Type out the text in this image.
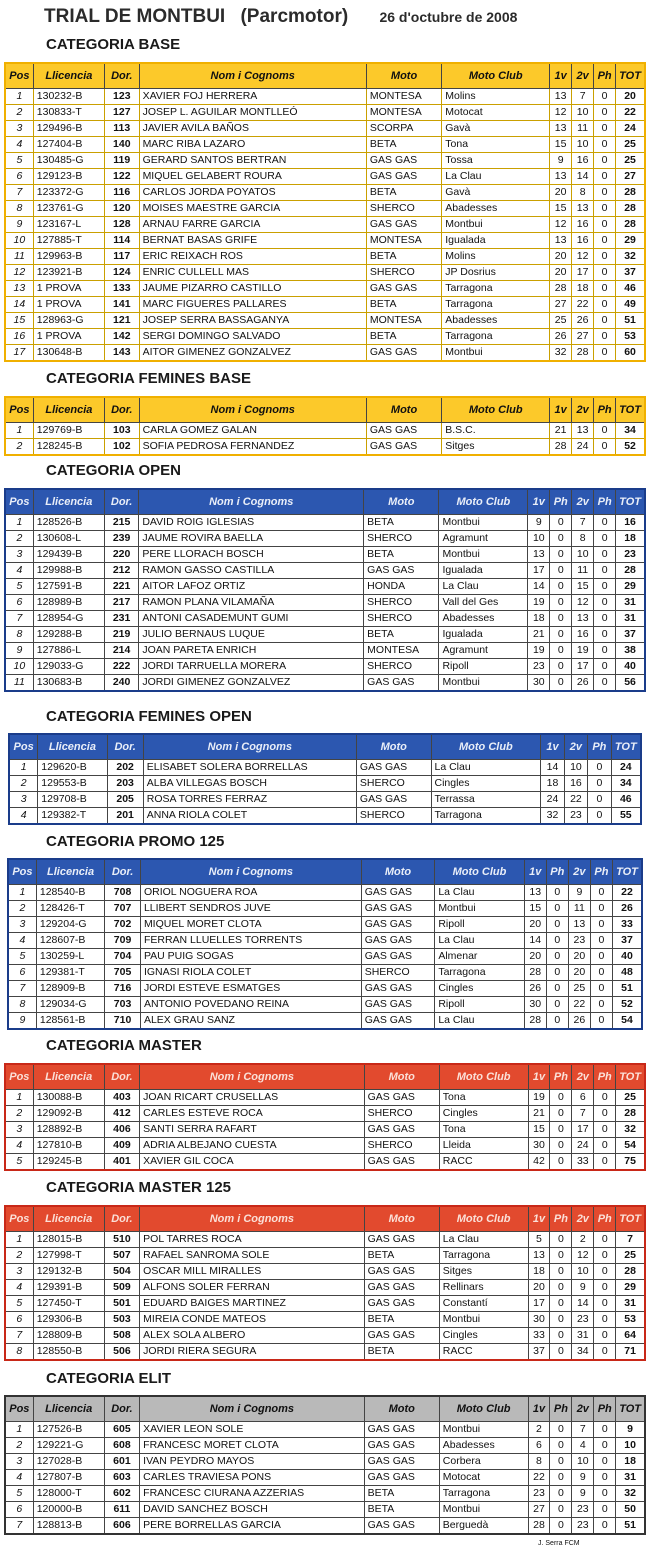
TRIAL DE MONTBUI (Parcmotor) 26 d'octubre de 2008
CATEGORIA BASE
Pos	Llicencia	Dor.	Nom i Cognoms	Moto	Moto Club	1v	2v	Ph	TOT
1	130232-B	123	XAVIER FOJ HERRERA	MONTESA	Molins	13	7	0	20
2	130833-T	127	JOSEP L. AGUILAR MONTLLEÓ	MONTESA	Motocat	12	10	0	22
3	129496-B	113	JAVIER AVILA BAÑOS	SCORPA	Gavà	13	11	0	24
4	127404-B	140	MARC RIBA LAZARO	BETA	Tona	15	10	0	25
5	130485-G	119	GERARD SANTOS BERTRAN	GAS GAS	Tossa	9	16	0	25
6	129123-B	122	MIQUEL GELABERT ROURA	GAS GAS	La Clau	13	14	0	27
7	123372-G	116	CARLOS JORDA POYATOS	BETA	Gavà	20	8	0	28
8	123761-G	120	MOISES MAESTRE GARCIA	SHERCO	Abadesses	15	13	0	28
9	123167-L	128	ARNAU FARRE GARCIA	GAS GAS	Montbui	12	16	0	28
10	127885-T	114	BERNAT BASAS GRIFE	MONTESA	Igualada	13	16	0	29
11	129963-B	117	ERIC REIXACH ROS	BETA	Molins	20	12	0	32
12	123921-B	124	ENRIC CULLELL MAS	SHERCO	JP Dosrius	20	17	0	37
13	1 PROVA	133	JAUME PIZARRO CASTILLO	GAS GAS	Tarragona	28	18	0	46
14	1 PROVA	141	MARC FIGUERES PALLARES	BETA	Tarragona	27	22	0	49
15	128963-G	121	JOSEP SERRA BASSAGANYA	MONTESA	Abadesses	25	26	0	51
16	1 PROVA	142	SERGI DOMINGO SALVADO	BETA	Tarragona	26	27	0	53
17	130648-B	143	AITOR GIMENEZ GONZALVEZ	GAS GAS	Montbui	32	28	0	60
CATEGORIA FEMINES BASE
Pos	Llicencia	Dor.	Nom i Cognoms	Moto	Moto Club	1v	2v	Ph	TOT
1	129769-B	103	CARLA GOMEZ GALAN	GAS GAS	B.S.C.	21	13	0	34
2	128245-B	102	SOFIA PEDROSA FERNANDEZ	GAS GAS	Sitges	28	24	0	52
CATEGORIA OPEN
Pos	Llicencia	Dor.	Nom i Cognoms	Moto	Moto Club	1v	Ph	2v	Ph	TOT
1	128526-B	215	DAVID ROIG IGLESIAS	BETA	Montbui	9	0	7	0	16
2	130608-L	239	JAUME ROVIRA BAELLA	SHERCO	Agramunt	10	0	8	0	18
3	129439-B	220	PERE LLORACH BOSCH	BETA	Montbui	13	0	10	0	23
4	129988-B	212	RAMON GASSO CASTILLA	GAS GAS	Igualada	17	0	11	0	28
5	127591-B	221	AITOR LAFOZ ORTIZ	HONDA	La Clau	14	0	15	0	29
6	128989-B	217	RAMON PLANA VILAMAÑA	SHERCO	Vall del Ges	19	0	12	0	31
7	128954-G	231	ANTONI CASADEMUNT GUMI	SHERCO	Abadesses	18	0	13	0	31
8	129288-B	219	JULIO BERNAUS LUQUE	BETA	Igualada	21	0	16	0	37
9	127886-L	214	JOAN PARETA ENRICH	MONTESA	Agramunt	19	0	19	0	38
10	129033-G	222	JORDI TARRUELLA MORERA	SHERCO	Ripoll	23	0	17	0	40
11	130683-B	240	JORDI GIMENEZ GONZALVEZ	GAS GAS	Montbui	30	0	26	0	56
CATEGORIA FEMINES OPEN
Pos	Llicencia	Dor.	Nom i Cognoms	Moto	Moto Club	1v	2v	Ph	TOT
1	129620-B	202	ELISABET SOLERA BORRELLAS	GAS GAS	La Clau	14	10	0	24
2	129553-B	203	ALBA VILLEGAS BOSCH	SHERCO	Cingles	18	16	0	34
3	129708-B	205	ROSA TORRES FERRAZ	GAS GAS	Terrassa	24	22	0	46
4	129382-T	201	ANNA RIOLA COLET	SHERCO	Tarragona	32	23	0	55
CATEGORIA PROMO 125
Pos	Llicencia	Dor.	Nom i Cognoms	Moto	Moto Club	1v	Ph	2v	Ph	TOT
1	128540-B	708	ORIOL NOGUERA ROA	GAS GAS	La Clau	13	0	9	0	22
2	128426-T	707	LLIBERT SENDROS JUVE	GAS GAS	Montbui	15	0	11	0	26
3	129204-G	702	MIQUEL MORET CLOTA	GAS GAS	Ripoll	20	0	13	0	33
4	128607-B	709	FERRAN LLUELLES TORRENTS	GAS GAS	La Clau	14	0	23	0	37
5	130259-L	704	PAU PUIG SOGAS	GAS GAS	Almenar	20	0	20	0	40
6	129381-T	705	IGNASI RIOLA COLET	SHERCO	Tarragona	28	0	20	0	48
7	128909-B	716	JORDI ESTEVE ESMATGES	GAS GAS	Cingles	26	0	25	0	51
8	129034-G	703	ANTONIO POVEDANO REINA	GAS GAS	Ripoll	30	0	22	0	52
9	128561-B	710	ALEX GRAU SANZ	GAS GAS	La Clau	28	0	26	0	54
CATEGORIA MASTER
Pos	Llicencia	Dor.	Nom i Cognoms	Moto	Moto Club	1v	Ph	2v	Ph	TOT
1	130088-B	403	JOAN RICART CRUSELLAS	GAS GAS	Tona	19	0	6	0	25
2	129092-B	412	CARLES ESTEVE ROCA	SHERCO	Cingles	21	0	7	0	28
3	128892-B	406	SANTI SERRA RAFART	GAS GAS	Tona	15	0	17	0	32
4	127810-B	409	ADRIA ALBEJANO CUESTA	SHERCO	Lleida	30	0	24	0	54
5	129245-B	401	XAVIER GIL COCA	GAS GAS	RACC	42	0	33	0	75
CATEGORIA MASTER 125
Pos	Llicencia	Dor.	Nom i Cognoms	Moto	Moto Club	1v	Ph	2v	Ph	TOT
1	128015-B	510	POL TARRES ROCA	GAS GAS	La Clau	5	0	2	0	7
2	127998-T	507	RAFAEL SANROMA SOLE	BETA	Tarragona	13	0	12	0	25
3	129132-B	504	OSCAR MILL MIRALLES	GAS GAS	Sitges	18	0	10	0	28
4	129391-B	509	ALFONS SOLER FERRAN	GAS GAS	Rellinars	20	0	9	0	29
5	127450-T	501	EDUARD BAIGES MARTINEZ	GAS GAS	Constantí	17	0	14	0	31
6	129306-B	503	MIREIA CONDE MATEOS	BETA	Montbui	30	0	23	0	53
7	128809-B	508	ALEX SOLA ALBERO	GAS GAS	Cingles	33	0	31	0	64
8	128550-B	506	JORDI RIERA SEGURA	BETA	RACC	37	0	34	0	71
CATEGORIA ELIT
Pos	Llicencia	Dor.	Nom i Cognoms	Moto	Moto Club	1v	Ph	2v	Ph	TOT
1	127526-B	605	XAVIER LEON SOLE	GAS GAS	Montbui	2	0	7	0	9
2	129221-G	608	FRANCESC MORET CLOTA	GAS GAS	Abadesses	6	0	4	0	10
3	127028-B	601	IVAN PEYDRO MAYOS	GAS GAS	Corbera	8	0	10	0	18
4	127807-B	603	CARLES TRAVIESA PONS	GAS GAS	Motocat	22	0	9	0	31
5	128000-T	602	FRANCESC CIURANA AZZERIAS	BETA	Tarragona	23	0	9	0	32
6	120000-B	611	DAVID SANCHEZ BOSCH	BETA	Montbui	27	0	23	0	50
7	128813-B	606	PERE BORRELLAS GARCIA	GAS GAS	Berguedà	28	0	23	0	51
J. Serra FCM
